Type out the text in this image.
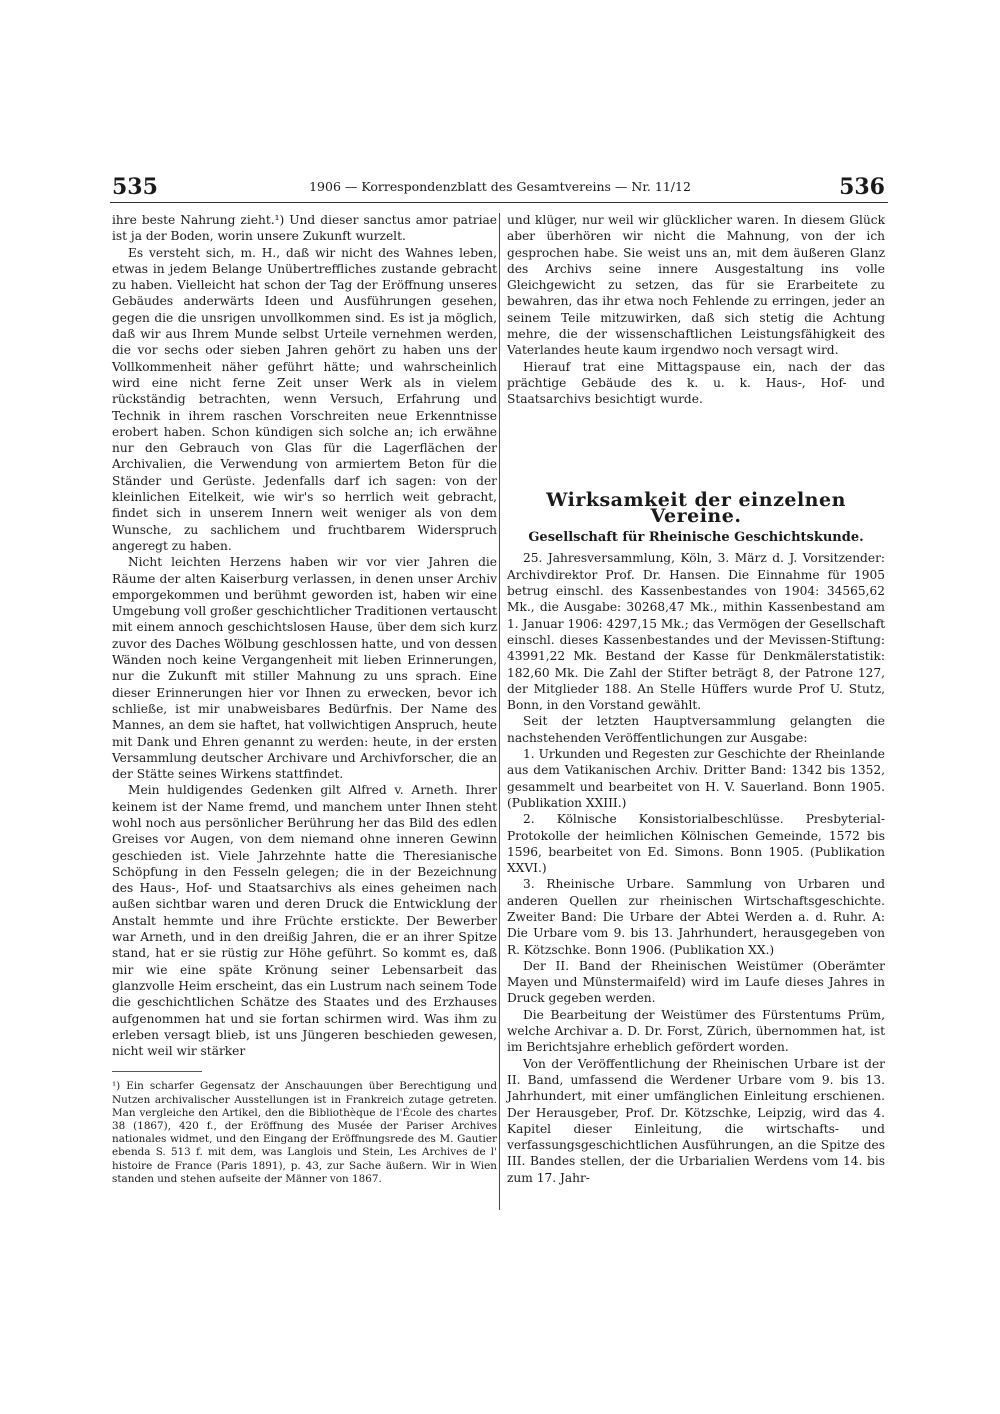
535	1906 — Korrespondenzblatt des Gesamtvereins — Nr. 11/12	536

ihre beste Nahrung zieht.¹) Und dieser sanctus amor patriae ist ja der Boden, worin unsere Zukunft wurzelt.

Es versteht sich, m. H., daß wir nicht des Wahnes leben, etwas in jedem Belange Unübertreffliches zustande gebracht zu haben. Vielleicht hat schon der Tag der Eröffnung unseres Gebäudes anderwärts Ideen und Ausführungen gesehen, gegen die die unsrigen unvollkommen sind. Es ist ja möglich, daß wir aus Ihrem Munde selbst Urteile vernehmen werden, die vor sechs oder sieben Jahren gehört zu haben uns der Vollkommenheit näher geführt hätte; und wahrscheinlich wird eine nicht ferne Zeit unser Werk als in vielem rückständig betrachten, wenn Versuch, Erfahrung und Technik in ihrem raschen Vorschreiten neue Erkenntnisse erobert haben. Schon kündigen sich solche an; ich erwähne nur den Gebrauch von Glas für die Lagerflächen der Archivalien, die Verwendung von armiertem Beton für die Ständer und Gerüste. Jedenfalls darf ich sagen: von der kleinlichen Eitelkeit, wie wir's so herrlich weit gebracht, findet sich in unserem Innern weit weniger als von dem Wunsche, zu sachlichem und fruchtbarem Widerspruch angeregt zu haben.

Nicht leichten Herzens haben wir vor vier Jahren die Räume der alten Kaiserburg verlassen, in denen unser Archiv emporgekommen und berühmt geworden ist, haben wir eine Umgebung voll großer geschichtlicher Traditionen vertauscht mit einem annoch geschichtslosen Hause, über dem sich kurz zuvor des Daches Wölbung geschlossen hatte, und von dessen Wänden noch keine Vergangenheit mit lieben Erinnerungen, nur die Zukunft mit stiller Mahnung zu uns sprach. Eine dieser Erinnerungen hier vor Ihnen zu erwecken, bevor ich schließe, ist mir unabweisbares Bedürfnis. Der Name des Mannes, an dem sie haftet, hat vollwichtigen Anspruch, heute mit Dank und Ehren genannt zu werden: heute, in der ersten Versammlung deutscher Archivare und Archivforscher, die an der Stätte seines Wirkens stattfindet.

Mein huldigendes Gedenken gilt Alfred v. Arneth. Ihrer keinem ist der Name fremd, und manchem unter Ihnen steht wohl noch aus persönlicher Berührung her das Bild des edlen Greises vor Augen, von dem niemand ohne inneren Gewinn geschieden ist. Viele Jahrzehnte hatte die Theresianische Schöpfung in den Fesseln gelegen; die in der Bezeichnung des Haus-, Hof- und Staatsarchivs als eines geheimen nach außen sichtbar waren und deren Druck die Entwicklung der Anstalt hemmte und ihre Früchte erstickte. Der Bewerber war Arneth, und in den dreißig Jahren, die er an ihrer Spitze stand, hat er sie rüstig zur Höhe geführt. So kommt es, daß mir wie eine späte Krönung seiner Lebensarbeit das glanzvolle Heim erscheint, das ein Lustrum nach seinem Tode die geschichtlichen Schätze des Staates und des Erzhauses aufgenommen hat und sie fortan schirmen wird. Was ihm zu erleben versagt blieb, ist uns Jüngeren beschieden gewesen, nicht weil wir stärker

¹) Ein scharfer Gegensatz der Anschauungen über Berechtigung und Nutzen archivalischer Ausstellungen ist in Frankreich zutage getreten. Man vergleiche den Artikel, den die Bibliothèque de l'École des chartes 38 (1867), 420 f., der Eröffnung des Musée der Pariser Archives nationales widmet, und den Eingang der Eröffnungsrede des M. Gautier ebenda S. 513 f. mit dem, was Langlois und Stein, Les Archives de l' histoire de France (Paris 1891), p. 43, zur Sache äußern. Wir in Wien standen und stehen aufseite der Männer von 1867.

und klüger, nur weil wir glücklicher waren. In diesem Glück aber überhören wir nicht die Mahnung, von der ich gesprochen habe. Sie weist uns an, mit dem äußeren Glanz des Archivs seine innere Ausgestaltung ins volle Gleichgewicht zu setzen, das für sie Erarbeitete zu bewahren, das ihr etwa noch Fehlende zu erringen, jeder an seinem Teile mitzuwirken, daß sich stetig die Achtung mehre, die der wissenschaftlichen Leistungsfähigkeit des Vaterlandes heute kaum irgendwo noch versagt wird.

Hierauf trat eine Mittagspause ein, nach der das prächtige Gebäude des k. u. k. Haus-, Hof- und Staatsarchivs besichtigt wurde.

Wirksamkeit der einzelnen Vereine.
Gesellschaft für Rheinische Geschichtskunde.

25. Jahresversammlung, Köln, 3. März d. J. Vorsitzender: Archivdirektor Prof. Dr. Hansen. Die Einnahme für 1905 betrug einschl. des Kassenbestandes von 1904: 34565,62 Mk., die Ausgabe: 30268,47 Mk., mithin Kassenbestand am 1. Januar 1906: 4297,15 Mk.; das Vermögen der Gesellschaft einschl. dieses Kassenbestandes und der Mevissen-Stiftung: 43991,22 Mk. Bestand der Kasse für Denkmälerstatistik: 182,60 Mk. Die Zahl der Stifter beträgt 8, der Patrone 127, der Mitglieder 188. An Stelle Hüffers wurde Prof U. Stutz, Bonn, in den Vorstand gewählt.

Seit der letzten Hauptversammlung gelangten die nachstehenden Veröffentlichungen zur Ausgabe:

1. Urkunden und Regesten zur Geschichte der Rheinlande aus dem Vatikanischen Archiv. Dritter Band: 1342 bis 1352, gesammelt und bearbeitet von H. V. Sauerland. Bonn 1905. (Publikation XXIII.)

2. Kölnische Konsistorialbeschlüsse. Presbyterial-Protokolle der heimlichen Kölnischen Gemeinde, 1572 bis 1596, bearbeitet von Ed. Simons. Bonn 1905. (Publikation XXVI.)

3. Rheinische Urbare. Sammlung von Urbaren und anderen Quellen zur rheinischen Wirtschaftsgeschichte. Zweiter Band: Die Urbare der Abtei Werden a. d. Ruhr. A: Die Urbare vom 9. bis 13. Jahrhundert, herausgegeben von R. Kötzschke. Bonn 1906. (Publikation XX.)

Der II. Band der Rheinischen Weistümer (Oberämter Mayen und Münstermaifeld) wird im Laufe dieses Jahres in Druck gegeben werden.

Die Bearbeitung der Weistümer des Fürstentums Prüm, welche Archivar a. D. Dr. Forst, Zürich, übernommen hat, ist im Berichtsjahre erheblich gefördert worden.

Von der Veröffentlichung der Rheinischen Urbare ist der II. Band, umfassend die Werdener Urbare vom 9. bis 13. Jahrhundert, mit einer umfänglichen Einleitung erschienen. Der Herausgeber, Prof. Dr. Kötzschke, Leipzig, wird das 4. Kapitel dieser Einleitung, die wirtschafts- und verfassungsgeschichtlichen Ausführungen, an die Spitze des III. Bandes stellen, der die Urbarialien Werdens vom 14. bis zum 17. Jahr-
